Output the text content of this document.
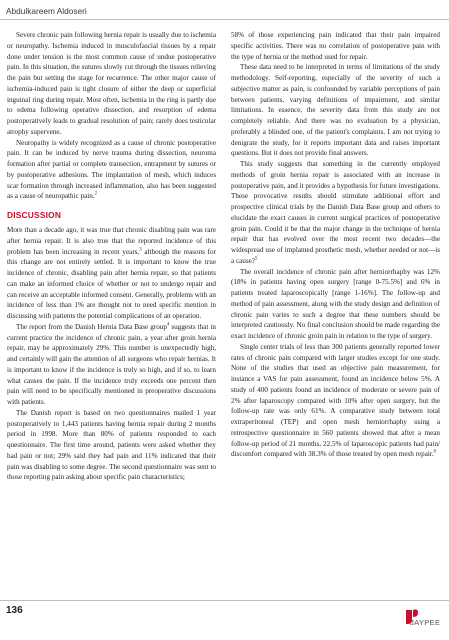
Abdulkareem Aldoseri

Severe chronic pain following hernia repair is usually due to ischemia or neuropathy. Ischemia induced in musculofascial tissues by a repair done under tension is the most common cause of undue postoperative pain. In this situation, the sutures slowly cut through the tissues relieving the pain but setting the stage for recurrence. The other major cause of ischemia-induced pain is tight closure of either the deep or superficial inguinal ring during repair. Most often, ischemia in the ring is partly due to edema following operative dissection, and resorption of edema postoperatively leads to gradual resolution of pain; rarely does testicular atrophy supervene.

Neuropathy is widely recognized as a cause of chronic postoperative pain. It can be induced by nerve trauma during dissection, neuroma formation after partial or complete transection, entrapment by sutures or by postoperative adhesions. The implantation of mesh, which induces scar formation through increased inflammation, also has been suggested as a cause of neuropathic pain.$^2$

DISCUSSION

More than a decade ago, it was true that chronic disabling pain was rare after hernia repair. It is also true that the reported incidence of this problem has been increasing in recent years,$^3$ although the reasons for this change are not entirely settled. It is important to know the true incidence of chronic, disabling pain after hernia repair, so that patients can make an informed choice of whether or not to undergo repair and can receive an acceptable informed consent. Generally, problems with an incidence of less than 1% are thought not to need specific mention in discussing with patients the potential complications of an operation.

The report from the Danish Hernia Data Base group$^4$ suggests that in current practice the incidence of chronic pain, a year after groin hernia repair, may be approximately 29%. This number is unexpectedly high, and certainly will gain the attention of all surgeons who repair hernias. It is important to know if the incidence is truly so high, and if so, to learn what causes the pain. If the incidence truly exceeds one percent then pain will need to be specifically mentioned in preoperative discussions with patients.

The Danish report is based on two questionnaires mailed 1 year postoperatively to 1,443 patients having hernia repair during 2 months period in 1998. More than 80% of patients responded to each questionnaire. The first time around, patients were asked whether they had pain or not; 29% said they had pain and 11% indicated that their pain was disabling to some degree. The second questionnaire was sent to those reporting pain asking about specific pain characteristics;

58% of those experiencing pain indicated that their pain impaired specific activities. There was no correlation of postoperative pain with the type of hernia or the method used for repair.

These data need to be interpreted in terms of limitations of the study methodology. Self-reporting, especially of the severity of such a subjective matter as pain, is confounded by variable perceptions of pain between patients, varying definitions of impairment, and similar limitations. In essence, the severity data from this study are not completely reliable. And there was no evaluation by a physician, preferably a blinded one, of the patient's complaints. I am not trying to denigrate the study, for it reports important data and raises important questions. But it does not provide final answers.

This study suggests that something in the currently employed methods of groin hernia repair is associated with an increase in postoperative pain, and it provides a hypothesis for future investigations. These provocative results should stimulate additional effort and prospective clinical trials by the Danish Data Base group and others to elucidate the exact causes in current surgical practices of postoperative groin pain. Could it be that the major change in the technique of hernia repair that has evolved over the most recent two decades—the widespread use of implanted prosthetic mesh, whether needed or not—is a cause?$^5$

The overall incidence of chronic pain after herniorrhaphy was 12% (18% in patients having open surgery [range 0-75.5%] and 6% in patients treated laparoscopically [range 1-16%]. The follow-up and method of pain assessment, along with the study design and definition of chronic pain varies to such a degree that these numbers should be interpreted cautiously. No final conclusion should be made regarding the exact incidence of chronic groin pain in relation to the type of surgery.

Single center trials of less than 300 patients generally reported lower rates of chronic pain compared with larger studies except for one study. None of the studies that used an objective pain measurement, for instance a VAS for pain assessment, found an incidence below 5%. A study of 400 patients found an incidence of moderate or severe pain of 2% after laparoscopy compared with 10% after open surgery, but the follow-up rate was only 61%. A comparative study between total extraperitoneal (TEP) and open mesh herniorrhaphy using a retrospective questionnaire in 560 patients showed that after a mean follow-up period of 21 months, 22.5% of laparoscopic patients had pain/ discomfort compared with 38.3% of those treated by open mesh repair.$^6$

136
JAYPEE
